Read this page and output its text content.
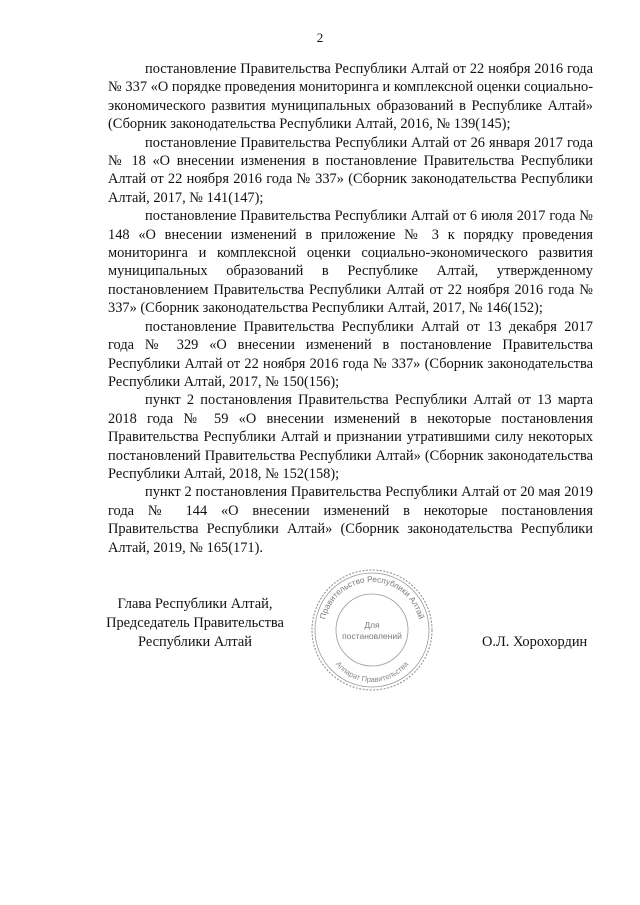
2

постановление Правительства Республики Алтай от 22 ноября 2016 года № 337 «О порядке проведения мониторинга и комплексной оценки социально-экономического развития муниципальных образований в Республике Алтай» (Сборник законодательства Республики Алтай, 2016, № 139(145);

постановление Правительства Республики Алтай от 26 января 2017 года № 18 «О внесении изменения в постановление Правительства Республики Алтай от 22 ноября 2016 года № 337» (Сборник законодательства Республики Алтай, 2017, № 141(147);

постановление Правительства Республики Алтай от 6 июля 2017 года № 148 «О внесении изменений в приложение № 3 к порядку проведения мониторинга и комплексной оценки социально-экономического развития муниципальных образований в Республике Алтай, утвержденному постановлением Правительства Республики Алтай от 22 ноября 2016 года № 337» (Сборник законодательства Республики Алтай, 2017, № 146(152);

постановление Правительства Республики Алтай от 13 декабря 2017 года № 329 «О внесении изменений в постановление Правительства Республики Алтай от 22 ноября 2016 года № 337» (Сборник законодательства Республики Алтай, 2017, № 150(156);

пункт 2 постановления Правительства Республики Алтай от 13 марта 2018 года № 59 «О внесении изменений в некоторые постановления Правительства Республики Алтай и признании утратившими силу некоторых постановлений Правительства Республики Алтай» (Сборник законодательства Республики Алтай, 2018, № 152(158);

пункт 2 постановления Правительства Республики Алтай от 20 мая 2019 года № 144 «О внесении изменений в некоторые постановления Правительства Республики Алтай» (Сборник законодательства Республики Алтай, 2019, № 165(171).

Глава Республики Алтай,
Председатель Правительства
Республики Алтай
Правительство Республики Алтай
Аппарат Правительства
Для
постановлений	О.Л. Хорохордин
